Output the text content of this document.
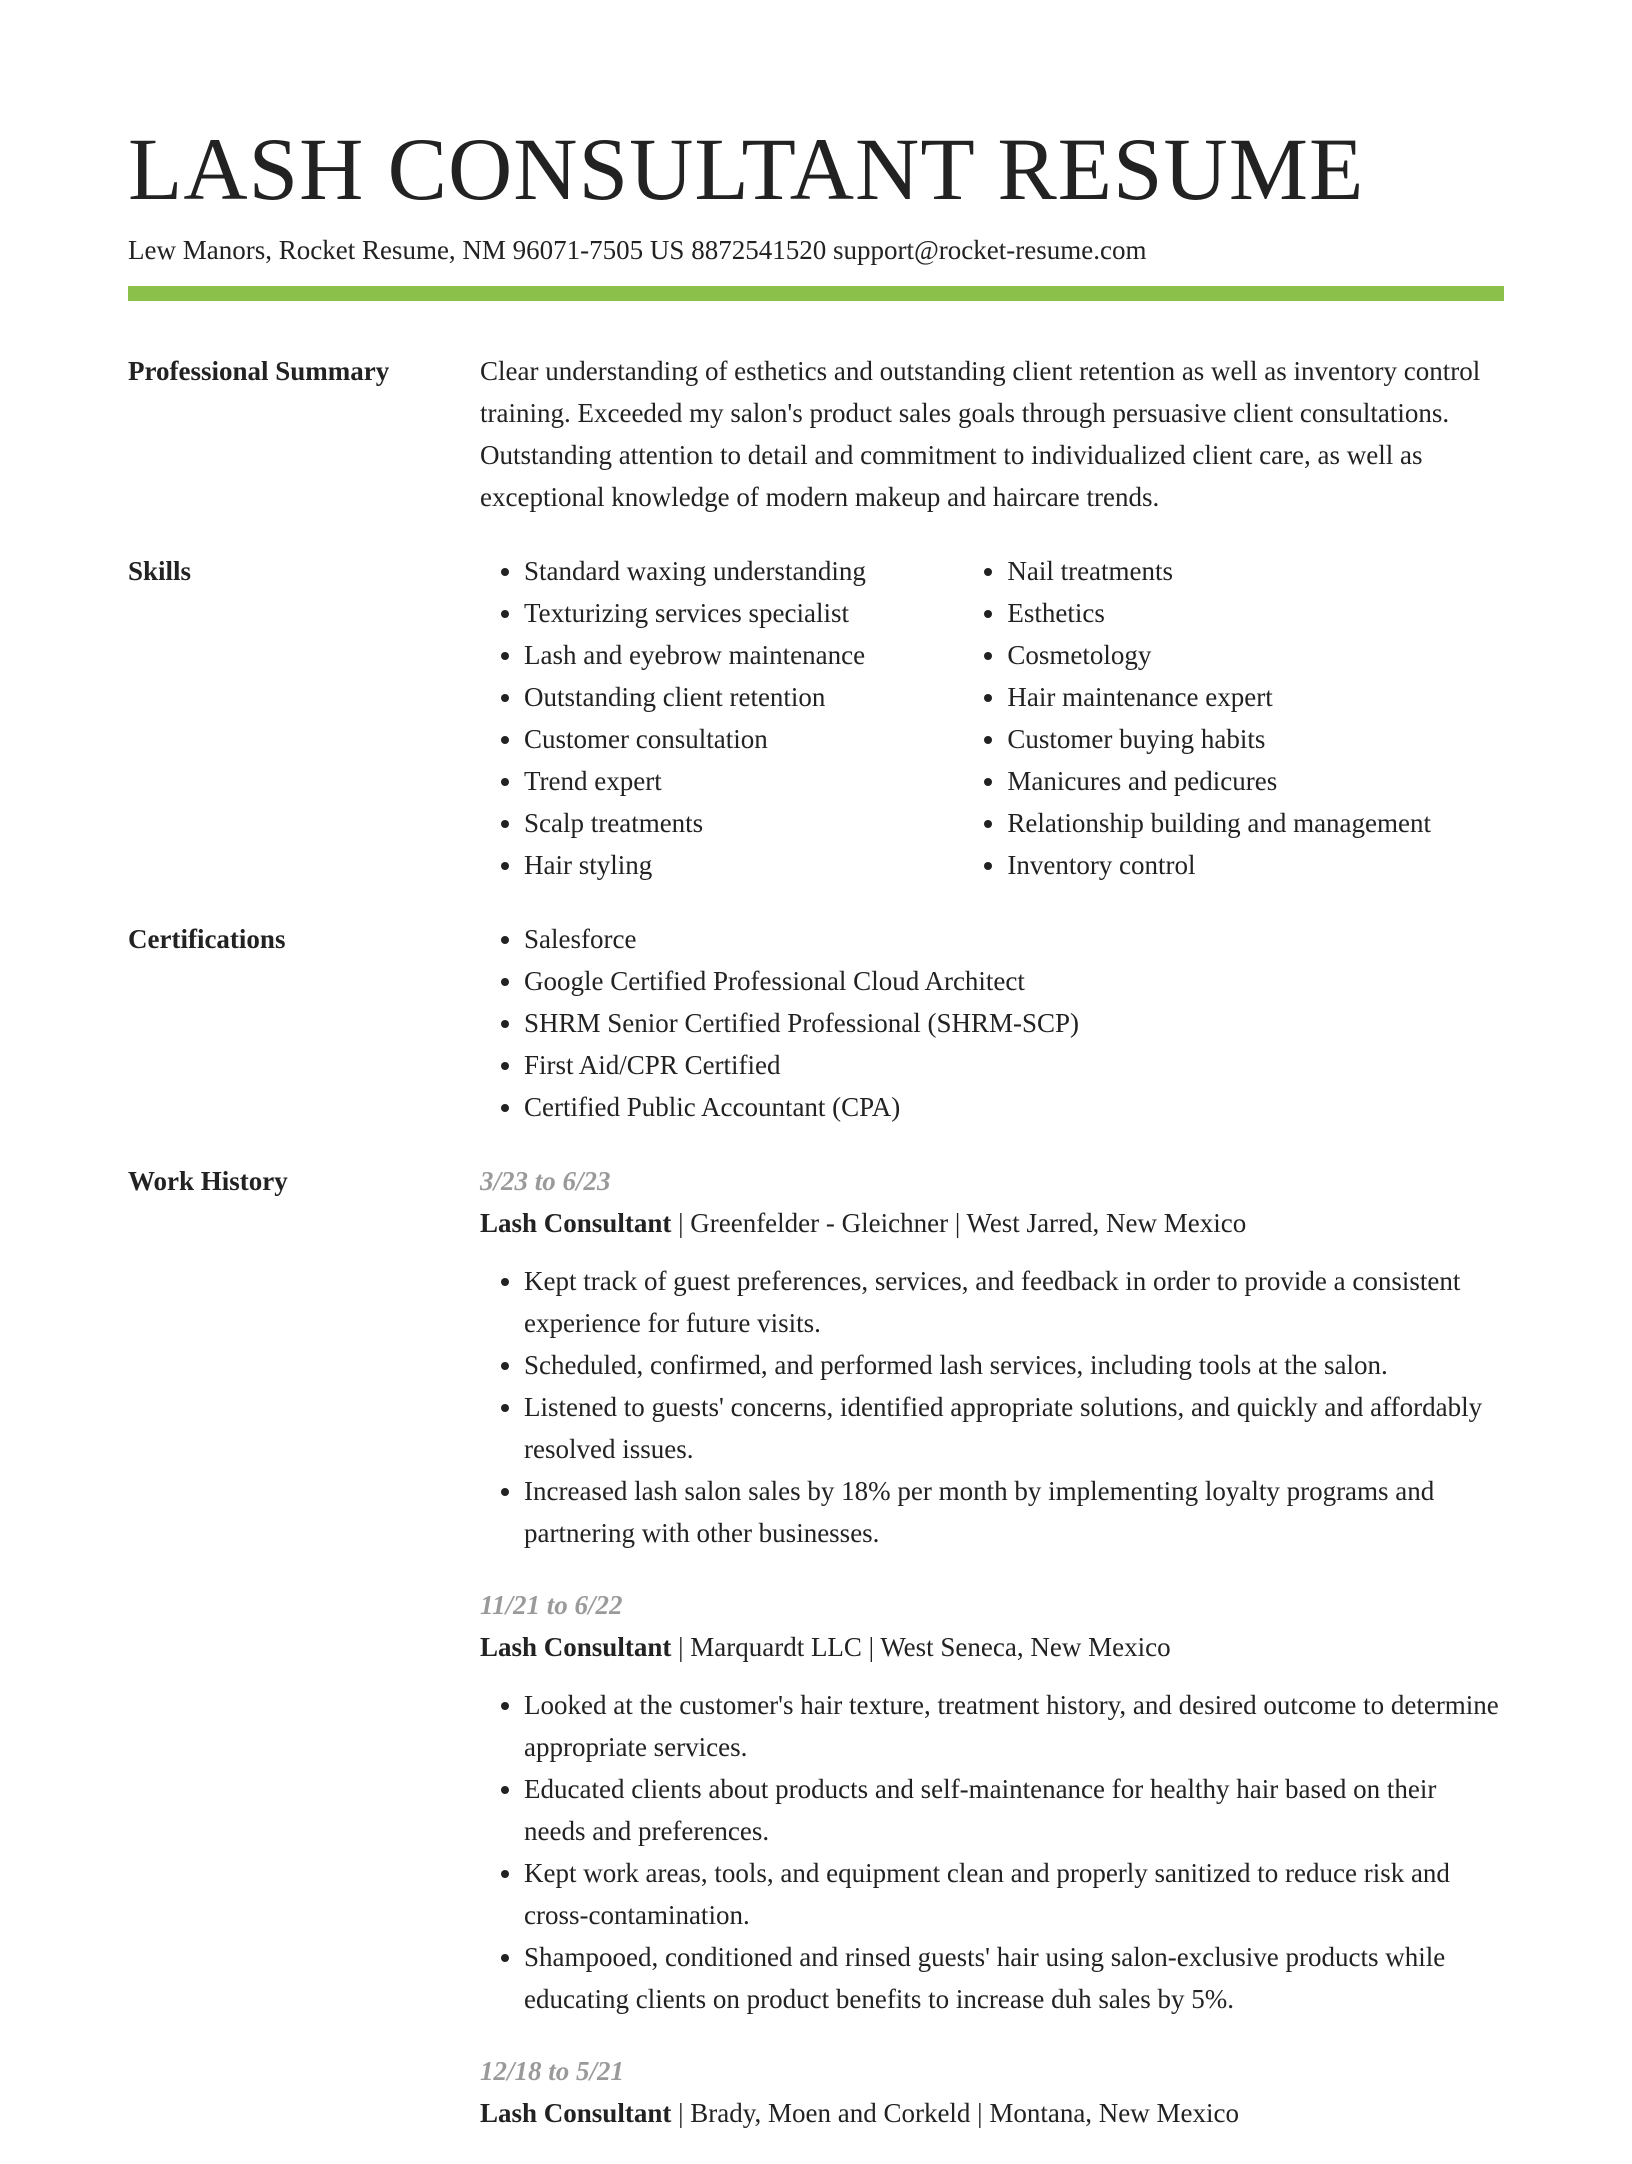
LASH CONSULTANT RESUME
Lew Manors, Rocket Resume, NM 96071-7505 US 8872541520 support@rocket-resume.com
Professional Summary	Clear understanding of esthetics and outstanding client retention as well as inventory control training. Exceeded my salon's product sales goals through persuasive client consultations. Outstanding attention to detail and commitment to individualized client care, as well as exceptional knowledge of modern makeup and haircare trends.

Skills	• Standard waxing understanding
• Texturizing services specialist
• Lash and eyebrow maintenance
• Outstanding client retention
• Customer consultation
• Trend expert
• Scalp treatments
• Hair styling
• Nail treatments
• Esthetics
• Cosmetology
• Hair maintenance expert
• Customer buying habits
• Manicures and pedicures
• Relationship building and management
• Inventory control
Certifications	• Salesforce
• Google Certified Professional Cloud Architect
• SHRM Senior Certified Professional (SHRM-SCP)
• First Aid/CPR Certified
• Certified Public Accountant (CPA)
Work History	3/23 to 6/23
Lash Consultant | Greenfelder - Gleichner | West Jarred, New Mexico
• Kept track of guest preferences, services, and feedback in order to provide a consistent experience for future visits.
• Scheduled, confirmed, and performed lash services, including tools at the salon.
• Listened to guests' concerns, identified appropriate solutions, and quickly and affordably resolved issues.
• Increased lash salon sales by 18% per month by implementing loyalty programs and partnering with other businesses.
11/21 to 6/22
Lash Consultant | Marquardt LLC | West Seneca, New Mexico
• Looked at the customer's hair texture, treatment history, and desired outcome to determine appropriate services.
• Educated clients about products and self-maintenance for healthy hair based on their needs and preferences.
• Kept work areas, tools, and equipment clean and properly sanitized to reduce risk and cross-contamination.
• Shampooed, conditioned and rinsed guests' hair using salon-exclusive products while educating clients on product benefits to increase duh sales by 5%.
12/18 to 5/21
Lash Consultant | Brady, Moen and Corkeld | Montana, New Mexico
